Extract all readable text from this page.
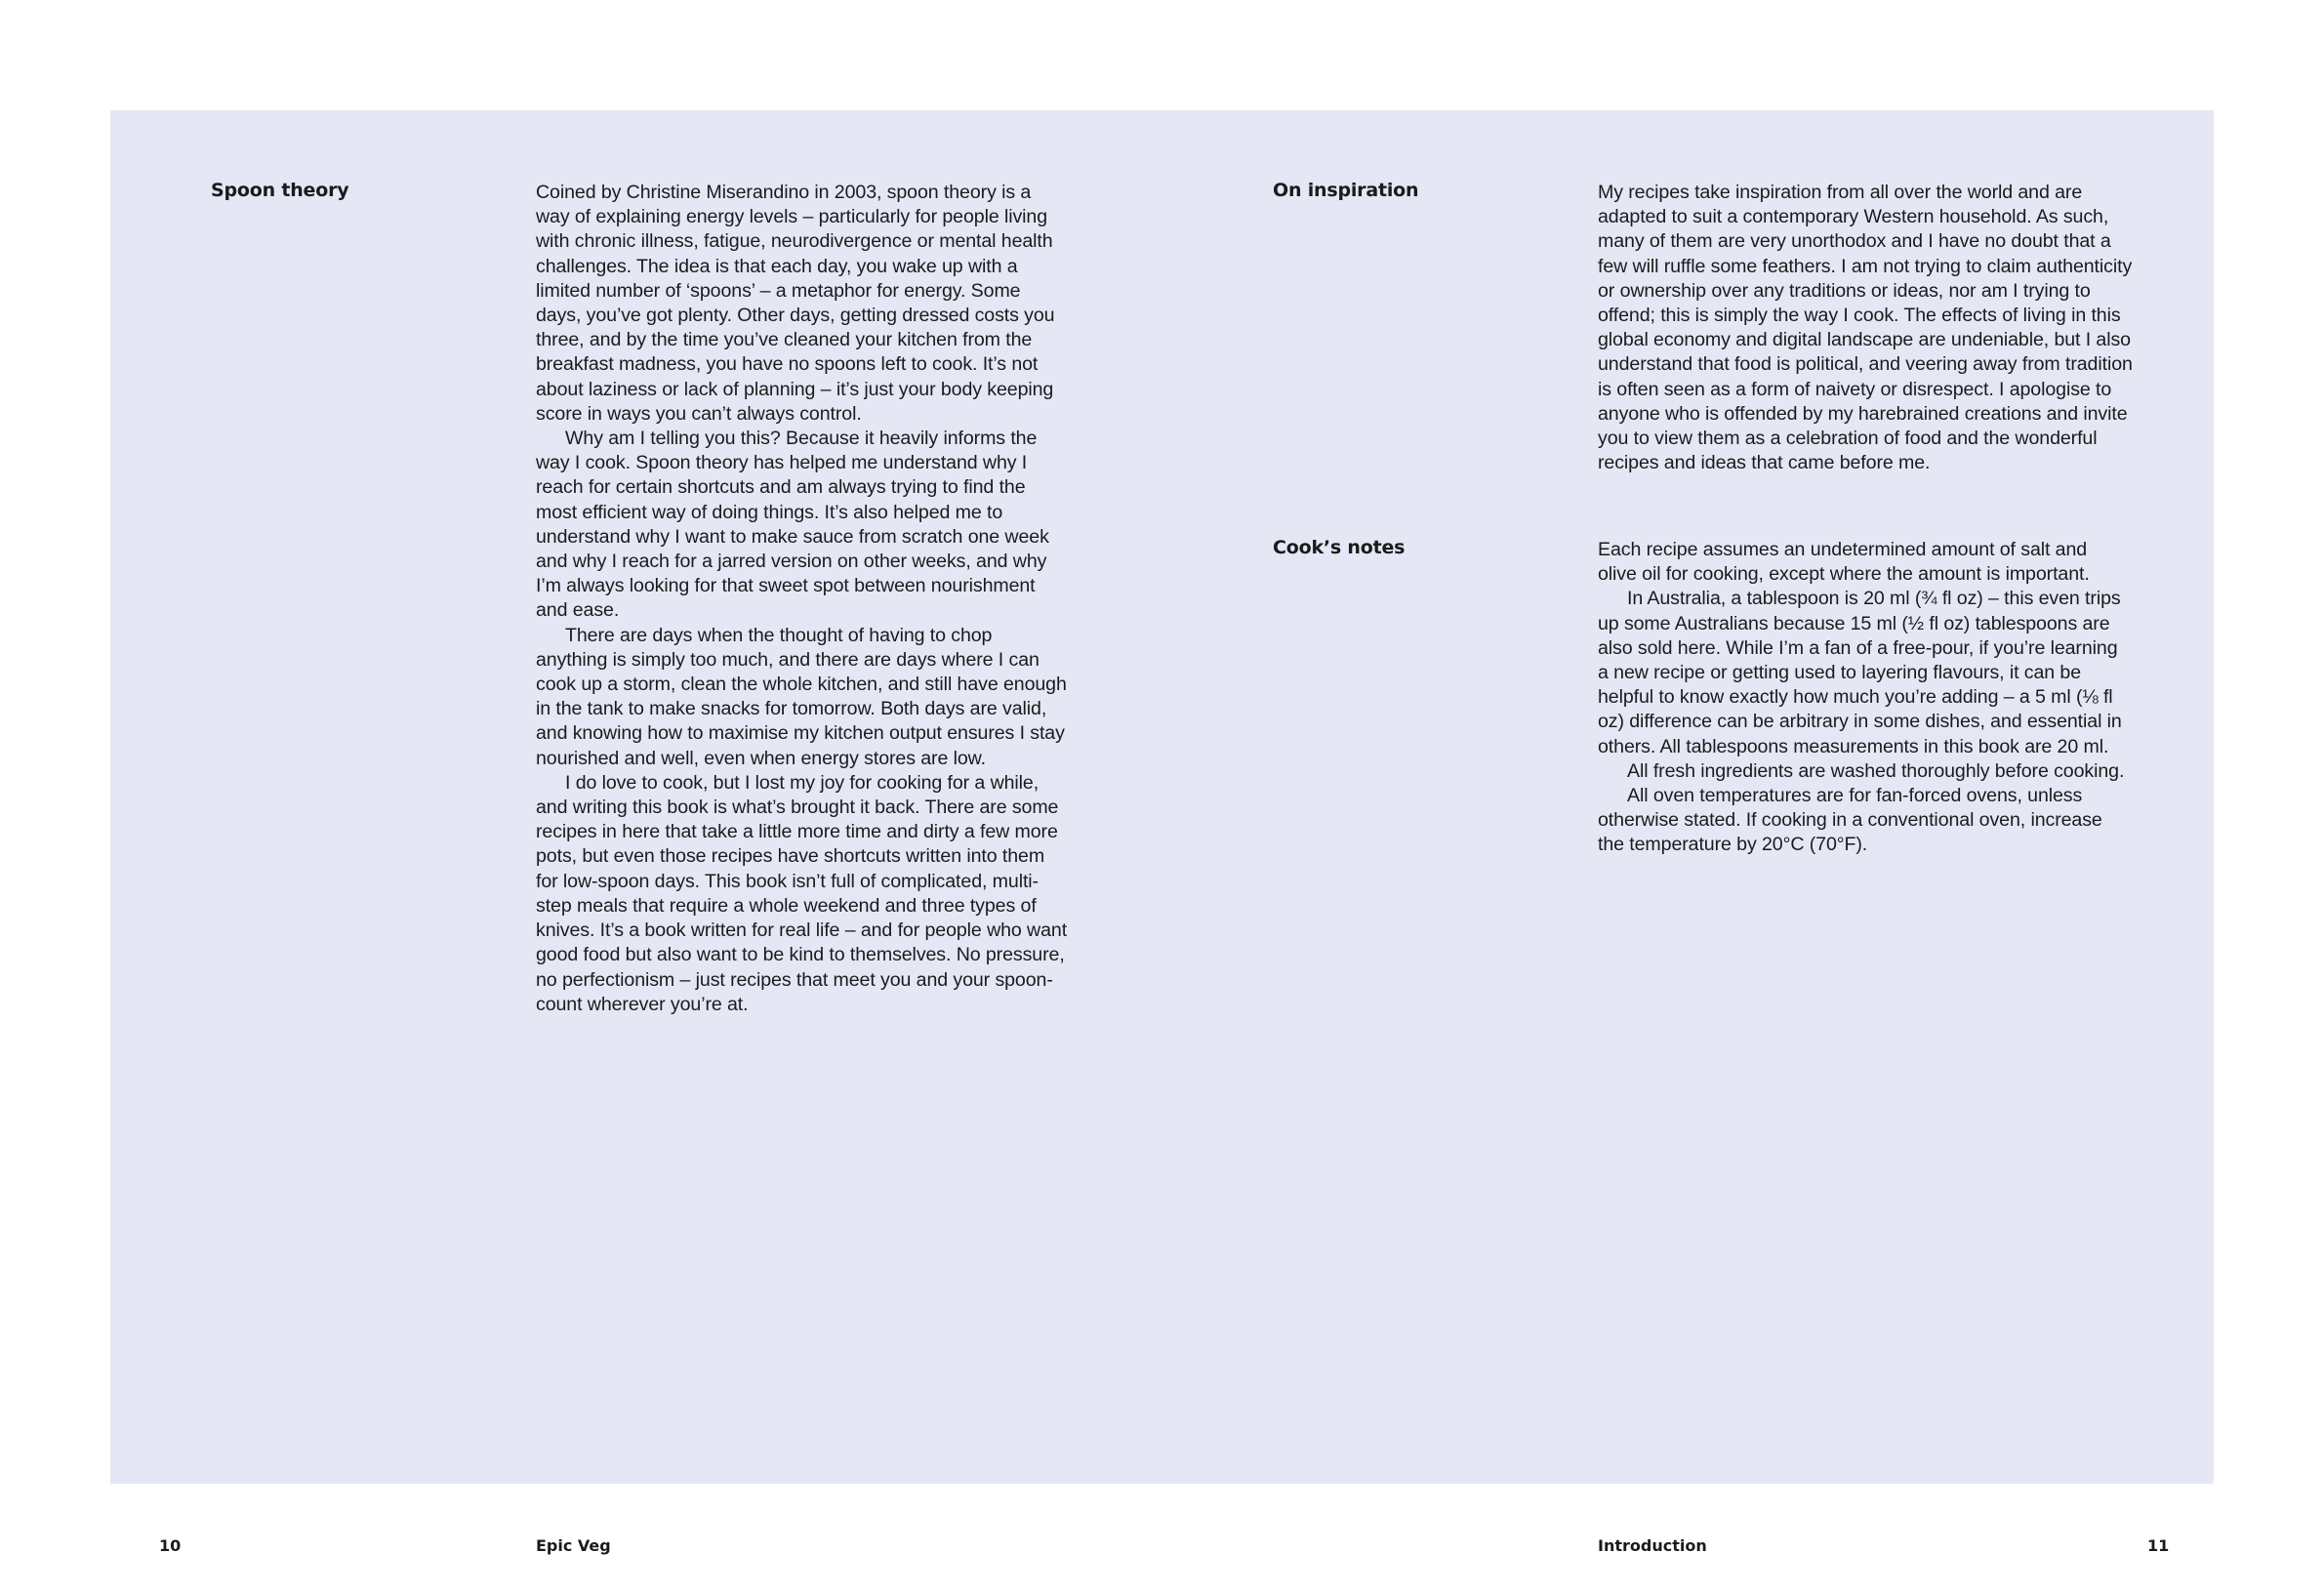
Spoon theory	Coined by Christine Miserandino in 2003, spoon theory is a way of explaining energy levels – particularly for people living with chronic illness, fatigue, neurodivergence or mental health challenges. The idea is that each day, you wake up with a limited number of ‘spoons’ – a metaphor for energy. Some days, you’ve got plenty. Other days, getting dressed costs you three, and by the time you’ve cleaned your kitchen from the breakfast madness, you have no spoons left to cook. It’s not about laziness or lack of planning – it’s just your body keeping score in ways you can’t always control.

Why am I telling you this? Because it heavily informs the way I cook. Spoon theory has helped me understand why I reach for certain shortcuts and am always trying to find the most efficient way of doing things. It’s also helped me to understand why I want to make sauce from scratch one week and why I reach for a jarred version on other weeks, and why I’m always looking for that sweet spot between nourishment and ease.

There are days when the thought of having to chop anything is simply too much, and there are days where I can cook up a storm, clean the whole kitchen, and still have enough in the tank to make snacks for tomorrow. Both days are valid, and knowing how to maximise my kitchen output ensures I stay nourished and well, even when energy stores are low.

I do love to cook, but I lost my joy for cooking for a while, and writing this book is what’s brought it back. There are some recipes in here that take a little more time and dirty a few more pots, but even those recipes have shortcuts written into them for low-spoon days. This book isn’t full of complicated, multi-step meals that require a whole weekend and three types of knives. It’s a book written for real life – and for people who want good food but also want to be kind to themselves. No pressure, no perfectionism – just recipes that meet you and your spoon-count wherever you’re at.

10	Epic Veg
On inspiration	My recipes take inspiration from all over the world and are adapted to suit a contemporary Western household. As such, many of them are very unorthodox and I have no doubt that a few will ruffle some feathers. I am not trying to claim authenticity or ownership over any traditions or ideas, nor am I trying to offend; this is simply the way I cook. The effects of living in this global economy and digital landscape are undeniable, but I also understand that food is political, and veering away from tradition is often seen as a form of naivety or disrespect. I apologise to anyone who is offended by my harebrained creations and invite you to view them as a celebration of food and the wonderful recipes and ideas that came before me.

Cook’s notes	Each recipe assumes an undetermined amount of salt and olive oil for cooking, except where the amount is important.

In Australia, a tablespoon is 20 ml (¾ fl oz) – this even trips up some Australians because 15 ml (½ fl oz) tablespoons are also sold here. While I’m a fan of a free-pour, if you’re learning a new recipe or getting used to layering flavours, it can be helpful to know exactly how much you’re adding – a 5 ml (⅛ fl oz) difference can be arbitrary in some dishes, and essential in others. All tablespoons measurements in this book are 20 ml.

All fresh ingredients are washed thoroughly before cooking.

All oven temperatures are for fan-forced ovens, unless otherwise stated. If cooking in a conventional oven, increase the temperature by 20°C (70°F).

Introduction	11
